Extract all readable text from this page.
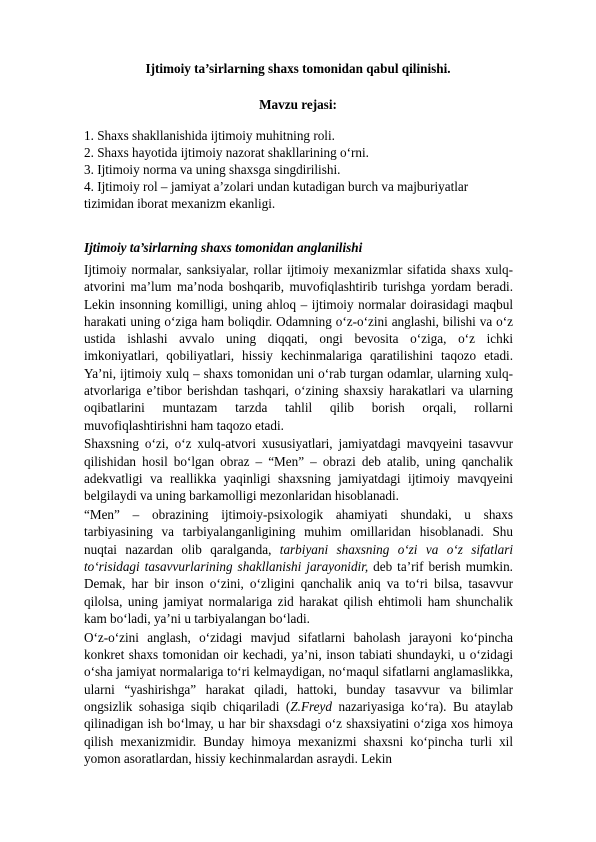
Ijtimoiy ta’sirlarning shaxs tomonidan qabul qilinishi.
Mavzu rejasi:
1. Shaxs shakllanishida ijtimoiy muhitning roli.
2. Shaxs hayotida ijtimoiy nazorat shakllarining o‘rni.
3. Ijtimoiy norma va uning shaxsga singdirilishi.
4. Ijtimoiy rol – jamiyat a’zolari undan kutadigan burch va majburiyatlar tizimidan iborat mexanizm ekanligi.
Ijtimoiy ta’sirlarning shaxs tomonidan anglanilishi

Ijtimoiy normalar, sanksiyalar, rollar ijtimoiy mexanizmlar sifatida shaxs xulq-atvorini ma’lum ma’noda boshqarib, muvofiqlashtirib turishga yordam beradi. Lekin insonning komilligi, uning ahloq – ijtimoiy normalar doirasidagi maqbul harakati uning o‘ziga ham boliqdir. Odamning o‘z-o‘zini anglashi, bilishi va o‘z ustida ishlashi avvalo uning diqqati, ongi bevosita o‘ziga, o‘z ichki imkoniyatlari, qobiliyatlari, hissiy kechinmalariga qaratilishini taqozo etadi. Ya’ni, ijtimoiy xulq – shaxs tomonidan uni o‘rab turgan odamlar, ularning xulq-atvorlariga e’tibor berishdan tashqari, o‘zining shaxsiy harakatlari va ularning oqibatlarini muntazam tarzda tahlil qilib borish orqali, rollarni muvofiqlashtirishni ham taqozo etadi.

Shaxsning o‘zi, o‘z xulq-atvori xususiyatlari, jamiyatdagi mavqyeini tasavvur qilishidan hosil bo‘lgan obraz – “Men” – obrazi deb atalib, uning qanchalik adekvatligi va reallikka yaqinligi shaxsning jamiyatdagi ijtimoiy mavqyeini belgilaydi va uning barkamolligi mezonlaridan hisoblanadi.

“Men” – obrazining ijtimoiy-psixologik ahamiyati shundaki, u shaxs tarbiyasining va tarbiyalanganligining muhim omillaridan hisoblanadi. Shu nuqtai nazardan olib qaralganda, tarbiyani shaxsning o‘zi va o‘z sifatlari to‘risidagi tasavvurlarining shakllanishi jarayonidir, deb ta’rif berish mumkin. Demak, har bir inson o‘zini, o‘zligini qanchalik aniq va to‘ri bilsa, tasavvur qilolsa, uning jamiyat normalariga zid harakat qilish ehtimoli ham shunchalik kam bo‘ladi, ya’ni u tarbiyalangan bo‘ladi.

O‘z-o‘zini anglash, o‘zidagi mavjud sifatlarni baholash jarayoni ko‘pincha konkret shaxs tomonidan oir kechadi, ya’ni, inson tabiati shundayki, u o‘zidagi o‘sha jamiyat normalariga to‘ri kelmaydigan, no‘maqul sifatlarni anglamaslikka, ularni “yashirishga” harakat qiladi, hattoki, bunday tasavvur va bilimlar ongsizlik sohasiga siqib chiqariladi (Z.Freyd nazariyasiga ko‘ra). Bu ataylab qilinadigan ish bo‘lmay, u har bir shaxsdagi o‘z shaxsiyatini o‘ziga xos himoya qilish mexanizmidir. Bunday himoya mexanizmi shaxsni ko‘pincha turli xil yomon asoratlardan, hissiy kechinmalardan asraydi. Lekin
